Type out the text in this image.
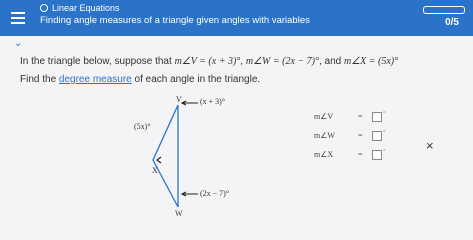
Linear Equations
Finding angle measures of a triangle given angles with variables	0/5
⌄
In the triangle below, suppose that m∠V = (x + 3)°, m∠W = (2x − 7)°, and m∠X = (5x)°
Find the degree measure of each angle in the triangle.
V (x + 3)°
(5x)°
X
(2x − 7)°
W
m∠V	=	°
m∠W	=	°
m∠X	=	°	×
